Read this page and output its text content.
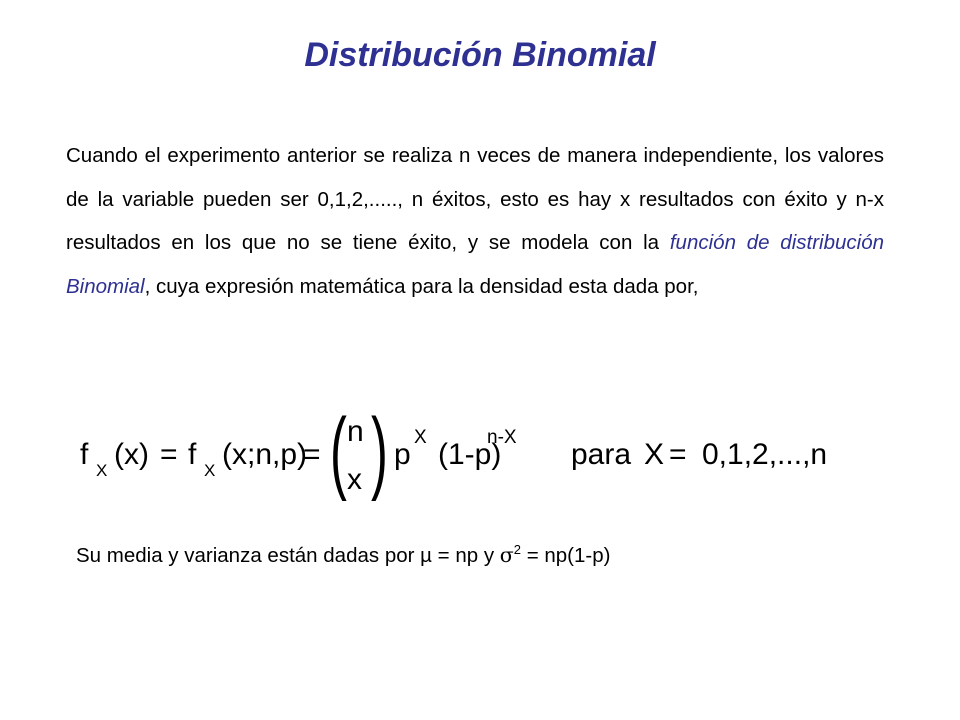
Distribución Binomial

Cuando el experimento anterior se realiza n veces de manera independiente, los valores de la variable pueden ser 0,1,2,....., n éxitos, esto es hay x resultados con éxito y n-x resultados en los que no se tiene éxito, y se modela con la función de distribución Binomial, cuya expresión matemática para la densidad esta dada por,

f X (x) = f X (x;n,p)
= ( n
x ) p
X
(1-p)
n-X
para X = 0,1,2,...,n

Su media y varianza están dadas por µ = np y $\sigma^2 = np(1-p)$
